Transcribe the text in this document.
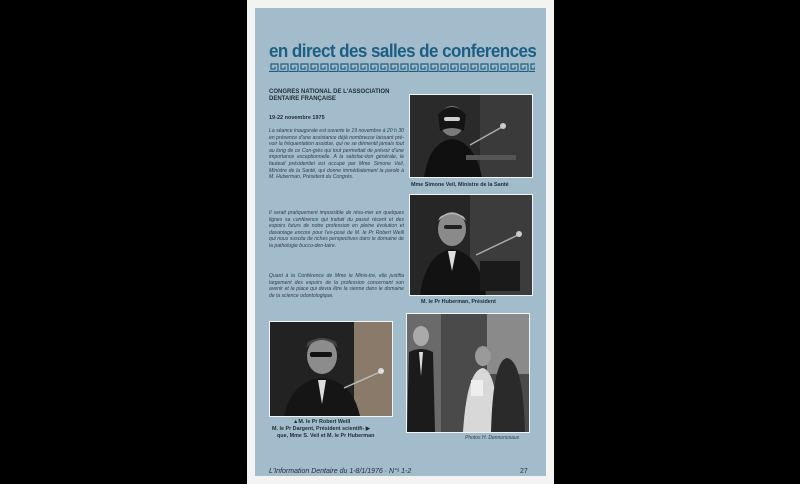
en direct des salles de conferences

CONGRES NATIONAL DE L'ASSOCIATION DENTAIRE FRANÇAISE

19-22 novembre 1975

La séance inaugurale est ouverte le 19 novembre à 20 h 30 en présence d'une assistance déjà nombreuse laissant pré-voir la fréquentation assidue, qui ne se démentit jamais tout au long de ce Con-grès qui tout permettait de prévoir d'une importance exceptionnelle. A la satisfac-tion générale, le fauteuil présidentiel est occupé par Mme Simone Veil, Ministre de la Santé, qui donne immédiatement la parole à M. Huberman, Président du Congrès.

Il serait pratiquement impossible de résu-mer en quelques lignes sa conférence qui traitait du passé récent et des espoirs futurs de notre profession en pleine évolution et davantage encore pour l'ex-posé de M. le Pr Robert Weill qui nous suscita de riches perspectives dans le domaine de la pathologie bucco-den-taire.

Quant à la Conférence de Mme le Minis-tre, elle justifia largement des espoirs de la profession concernant son avenir et la place qui devra être la sienne dans le domaine de la science odontologique.

Mme Simone Veil, Ministre de la Santé

M. le Pr Huberman, Président

▲M. le Pr Robert Weill

M. le Pr Dargent, Président scientifi- ▶

que, Mme S. Veil et M. le Pr Huberman	Photos H. Dennonceaux

L'Information Dentaire du 1-8/1/1976 · N°ˢ 1-2	27
